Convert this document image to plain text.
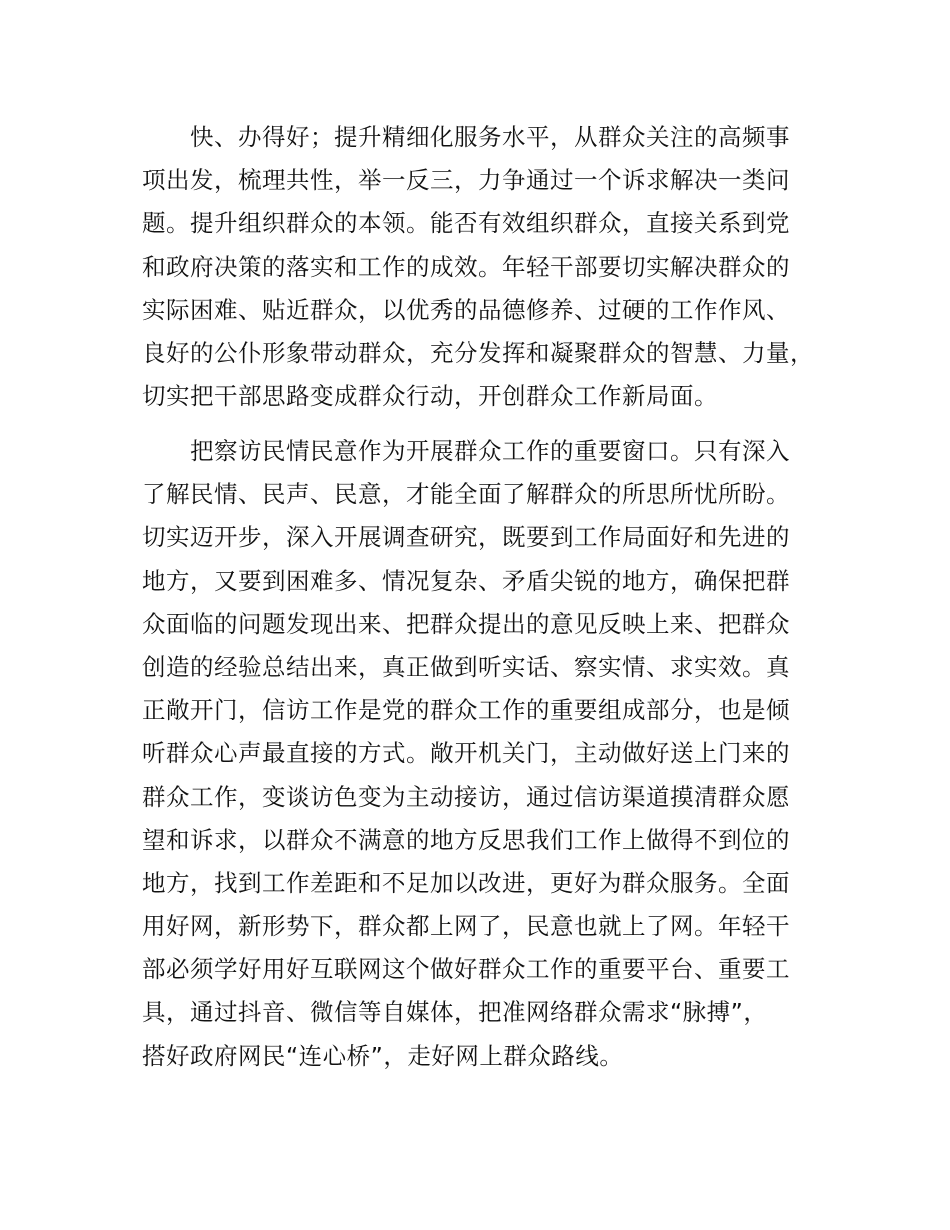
快、办得好；提升精细化服务水平，从群众关注的高频事
项出发，梳理共性，举一反三，力争通过一个诉求解决一类问
题。提升组织群众的本领。能否有效组织群众，直接关系到党
和政府决策的落实和工作的成效。年轻干部要切实解决群众的
实际困难、贴近群众，以优秀的品德修养、过硬的工作作风、
良好的公仆形象带动群众，充分发挥和凝聚群众的智慧、力量，
切实把干部思路变成群众行动，开创群众工作新局面。
把察访民情民意作为开展群众工作的重要窗口。只有深入
了解民情、民声、民意，才能全面了解群众的所思所忧所盼。
切实迈开步，深入开展调查研究，既要到工作局面好和先进的
地方，又要到困难多、情况复杂、矛盾尖锐的地方，确保把群
众面临的问题发现出来、把群众提出的意见反映上来、把群众
创造的经验总结出来，真正做到听实话、察实情、求实效。真
正敞开门，信访工作是党的群众工作的重要组成部分，也是倾
听群众心声最直接的方式。敞开机关门，主动做好送上门来的
群众工作，变谈访色变为主动接访，通过信访渠道摸清群众愿
望和诉求，以群众不满意的地方反思我们工作上做得不到位的
地方，找到工作差距和不足加以改进，更好为群众服务。全面
用好网，新形势下，群众都上网了，民意也就上了网。年轻干
部必须学好用好互联网这个做好群众工作的重要平台、重要工
具，通过抖音、微信等自媒体，把准网络群众需求“脉搏”，
搭好政府网民“连心桥”，走好网上群众路线。
